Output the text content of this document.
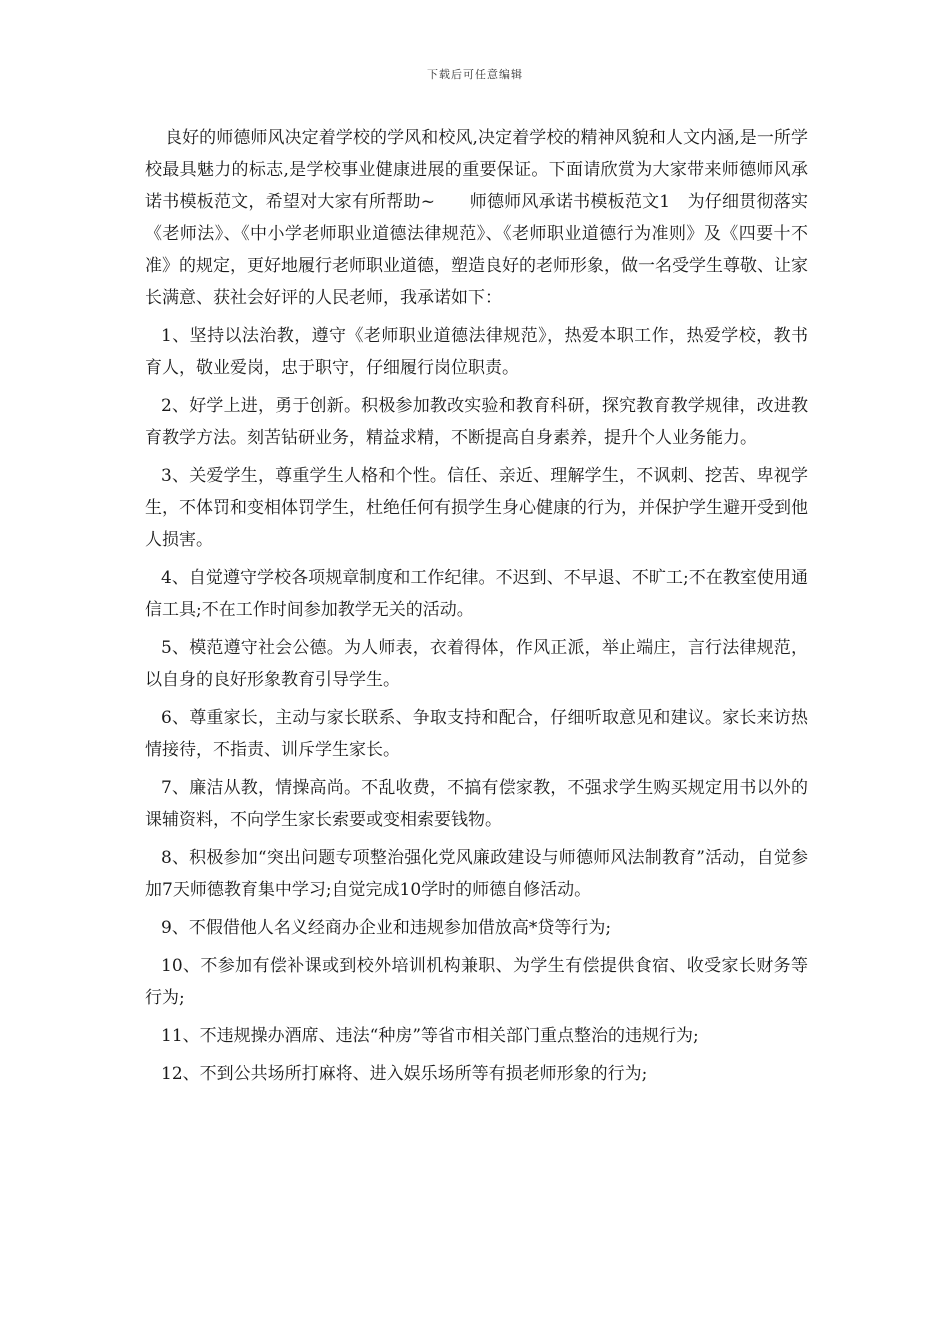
下载后可任意编辑

良好的师德师风决定着学校的学风和校风,决定着学校的精神风貌和人文内涵,是一所学校最具魅力的标志,是学校事业健康进展的重要保证。下面请欣赏为大家带来师德师风承诺书模板范文，希望对大家有所帮助~　　师德师风承诺书模板范文1　为仔细贯彻落实《老师法》、《中小学老师职业道德法律规范》、《老师职业道德行为准则》及《四要十不准》的规定，更好地履行老师职业道德，塑造良好的老师形象，做一名受学生尊敬、让家长满意、获社会好评的人民老师，我承诺如下：

1、坚持以法治教，遵守《老师职业道德法律规范》，热爱本职工作，热爱学校，教书育人，敬业爱岗，忠于职守，仔细履行岗位职责。

2、好学上进，勇于创新。积极参加教改实验和教育科研，探究教育教学规律，改进教育教学方法。刻苦钻研业务，精益求精，不断提高自身素养，提升个人业务能力。

3、关爱学生，尊重学生人格和个性。信任、亲近、理解学生，不讽刺、挖苦、卑视学生，不体罚和变相体罚学生，杜绝任何有损学生身心健康的行为，并保护学生避开受到他人损害。

4、自觉遵守学校各项规章制度和工作纪律。不迟到、不早退、不旷工;不在教室使用通信工具;不在工作时间参加教学无关的活动。

5、模范遵守社会公德。为人师表，衣着得体，作风正派，举止端庄，言行法律规范，以自身的良好形象教育引导学生。

6、尊重家长，主动与家长联系、争取支持和配合，仔细听取意见和建议。家长来访热情接待，不指责、训斥学生家长。

7、廉洁从教，情操高尚。不乱收费，不搞有偿家教，不强求学生购买规定用书以外的课辅资料，不向学生家长索要或变相索要钱物。

8、积极参加“突出问题专项整治强化党风廉政建设与师德师风法制教育”活动，自觉参加7天师德教育集中学习;自觉完成10学时的师德自修活动。

9、不假借他人名义经商办企业和违规参加借放高*贷等行为;

10、不参加有偿补课或到校外培训机构兼职、为学生有偿提供食宿、收受家长财务等行为;

11、不违规操办酒席、违法“种房”等省市相关部门重点整治的违规行为;

12、不到公共场所打麻将、进入娱乐场所等有损老师形象的行为;
